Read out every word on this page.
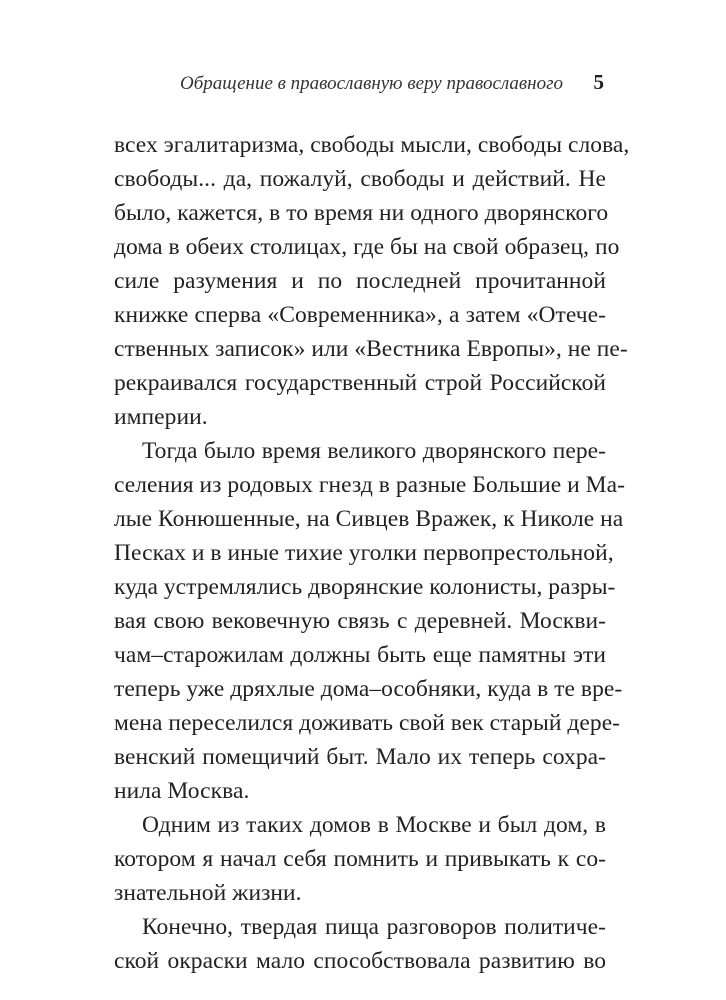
Обращение в православную веру православного 5
всех эгалитаризма, свободы мысли, свободы слова,
свободы... да, пожалуй, свободы и действий. Не
было, кажется, в то время ни одного дворянского
дома в обеих столицах, где бы на свой образец, по
силе разумения и по последней прочитанной
книжке сперва «Современника», а затем «Отече-
ственных записок» или «Вестника Европы», не пе-
рекраивался государственный строй Российской
империи.
Тогда было время великого дворянского пере-
селения из родовых гнезд в разные Большие и Ма-
лые Конюшенные, на Сивцев Вражек, к Николе на
Песках и в иные тихие уголки первопрестольной,
куда устремлялись дворянские колонисты, разры-
вая свою вековечную связь с деревней. Москви-
чам–старожилам должны быть еще памятны эти
теперь уже дряхлые дома–особняки, куда в те вре-
мена переселился доживать свой век старый дере-
венский помещичий быт. Мало их теперь сохра-
нила Москва.
Одним из таких домов в Москве и был дом, в
котором я начал себя помнить и привыкать к со-
знательной жизни.
Конечно, твердая пища разговоров политиче-
ской окраски мало способствовала развитию во
